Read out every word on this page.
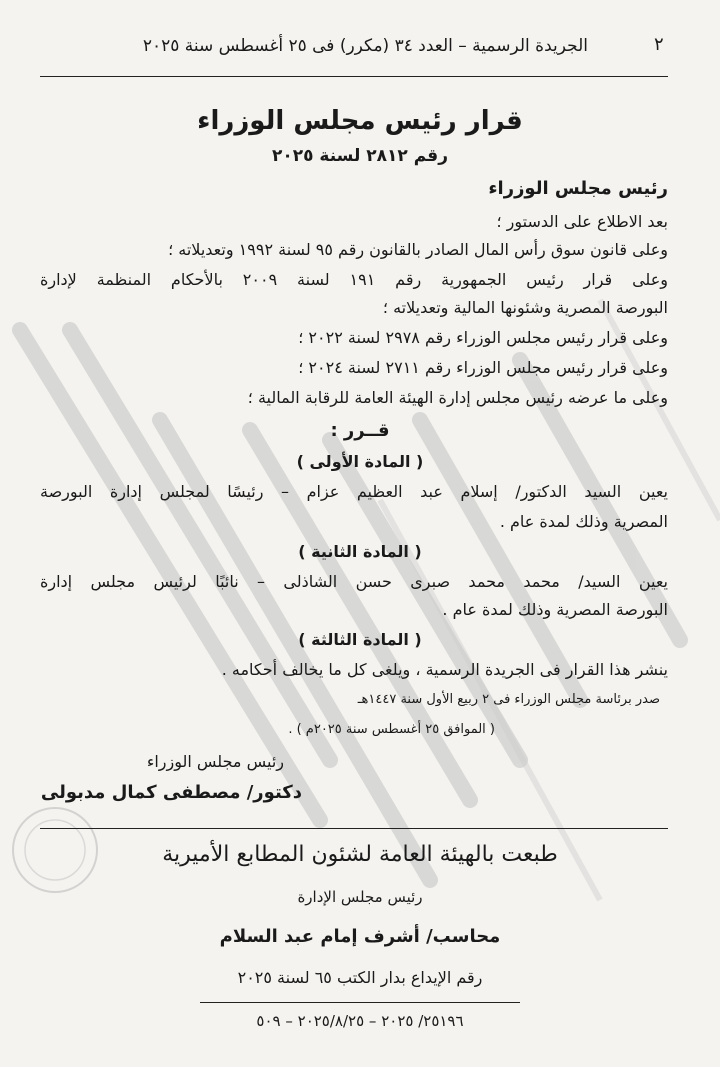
٢
الجريدة الرسمية – العدد ٣٤ (مكرر) فى ٢٥ أغسطس سنة ٢٠٢٥
قرار رئيس مجلس الوزراء
رقم ٢٨١٢ لسنة ٢٠٢٥
رئيس مجلس الوزراء
بعد الاطلاع على الدستور ؛
وعلى قانون سوق رأس المال الصادر بالقانون رقم ٩٥ لسنة ١٩٩٢ وتعديلاته ؛
وعلى قرار رئيس الجمهورية رقم ١٩١ لسنة ٢٠٠٩ بالأحكام المنظمة لإدارة
البورصة المصرية وشئونها المالية وتعديلاته ؛
وعلى قرار رئيس مجلس الوزراء رقم ٢٩٧٨ لسنة ٢٠٢٢ ؛
وعلى قرار رئيس مجلس الوزراء رقم ٢٧١١ لسنة ٢٠٢٤ ؛
وعلى ما عرضه رئيس مجلس إدارة الهيئة العامة للرقابة المالية ؛
قــرر :
( المادة الأولى )
يعين السيد الدكتور/ إسلام عبد العظيم عزام – رئيسًا لمجلس إدارة البورصة
المصرية وذلك لمدة عام .
( المادة الثانية )
يعين السيد/ محمد محمد صبرى حسن الشاذلى – نائبًا لرئيس مجلس إدارة
البورصة المصرية وذلك لمدة عام .
( المادة الثالثة )
ينشر هذا القرار فى الجريدة الرسمية ، ويلغى كل ما يخالف أحكامه .
صدر برئاسة مجلس الوزراء فى ٢ ربيع الأول سنة ١٤٤٧هـ
( الموافق ٢٥ أغسطس سنة ٢٠٢٥م ) .
رئيس مجلس الوزراء
دكتور/ مصطفى كمال مدبولى
طبعت بالهيئة العامة لشئون المطابع الأميرية
رئيس مجلس الإدارة
محاسب/ أشرف إمام عبد السلام
رقم الإيداع بدار الكتب ٦٥ لسنة ٢٠٢٥
٢٥١٩٦/ ٢٠٢٥ – ٢٠٢٥/٨/٢٥ – ٥٠٩
